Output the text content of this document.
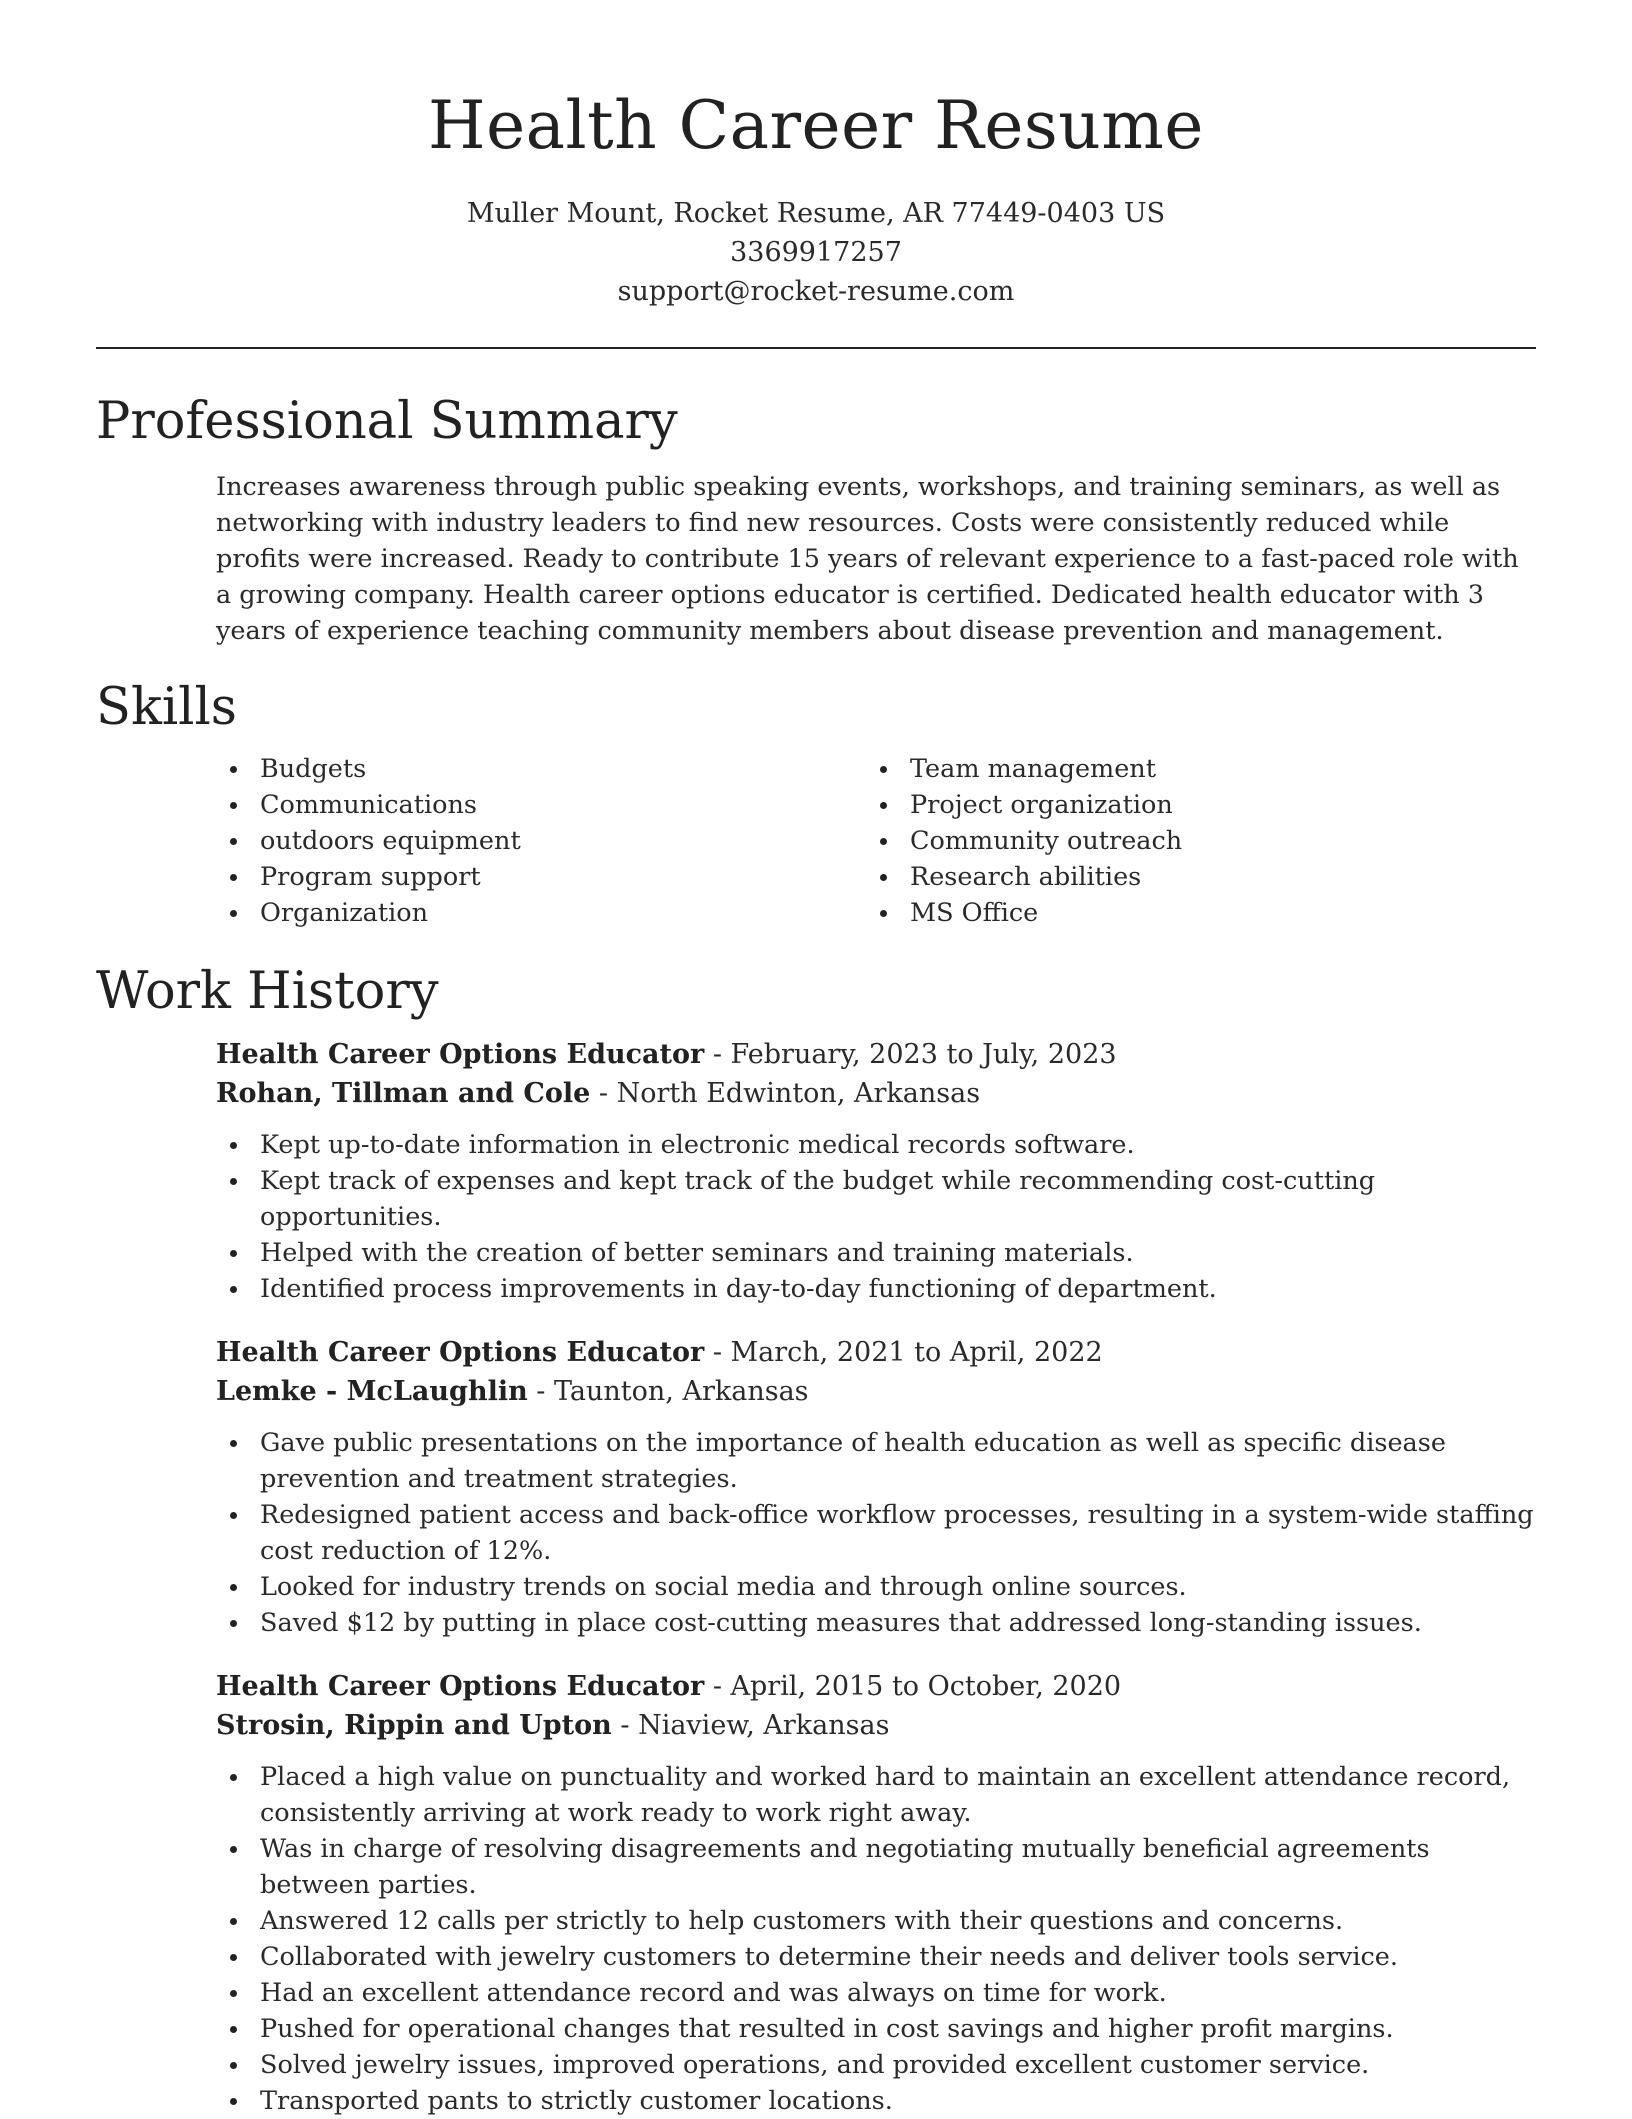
Health Career Resume
Muller Mount, Rocket Resume, AR 77449-0403 US
3369917257
support@rocket-resume.com
Professional Summary
Increases awareness through public speaking events, workshops, and training seminars, as well as networking with industry leaders to find new resources. Costs were consistently reduced while profits were increased. Ready to contribute 15 years of relevant experience to a fast-paced role with a growing company. Health career options educator is certified. Dedicated health educator with 3 years of experience teaching community members about disease prevention and management.
Skills
Budgets
Communications
outdoors equipment
Program support
Organization
Team management
Project organization
Community outreach
Research abilities
MS Office
Work History
Health Career Options Educator - February, 2023 to July, 2023
Rohan, Tillman and Cole - North Edwinton, Arkansas
Kept up-to-date information in electronic medical records software.
Kept track of expenses and kept track of the budget while recommending cost-cutting opportunities.
Helped with the creation of better seminars and training materials.
Identified process improvements in day-to-day functioning of department.
Health Career Options Educator - March, 2021 to April, 2022
Lemke - McLaughlin - Taunton, Arkansas
Gave public presentations on the importance of health education as well as specific disease prevention and treatment strategies.
Redesigned patient access and back-office workflow processes, resulting in a system-wide staffing cost reduction of 12%.
Looked for industry trends on social media and through online sources.
Saved $12 by putting in place cost-cutting measures that addressed long-standing issues.
Health Career Options Educator - April, 2015 to October, 2020
Strosin, Rippin and Upton - Niaview, Arkansas
Placed a high value on punctuality and worked hard to maintain an excellent attendance record, consistently arriving at work ready to work right away.
Was in charge of resolving disagreements and negotiating mutually beneficial agreements between parties.
Answered 12 calls per strictly to help customers with their questions and concerns.
Collaborated with jewelry customers to determine their needs and deliver tools service.
Had an excellent attendance record and was always on time for work.
Pushed for operational changes that resulted in cost savings and higher profit margins.
Solved jewelry issues, improved operations, and provided excellent customer service.
Transported pants to strictly customer locations.
